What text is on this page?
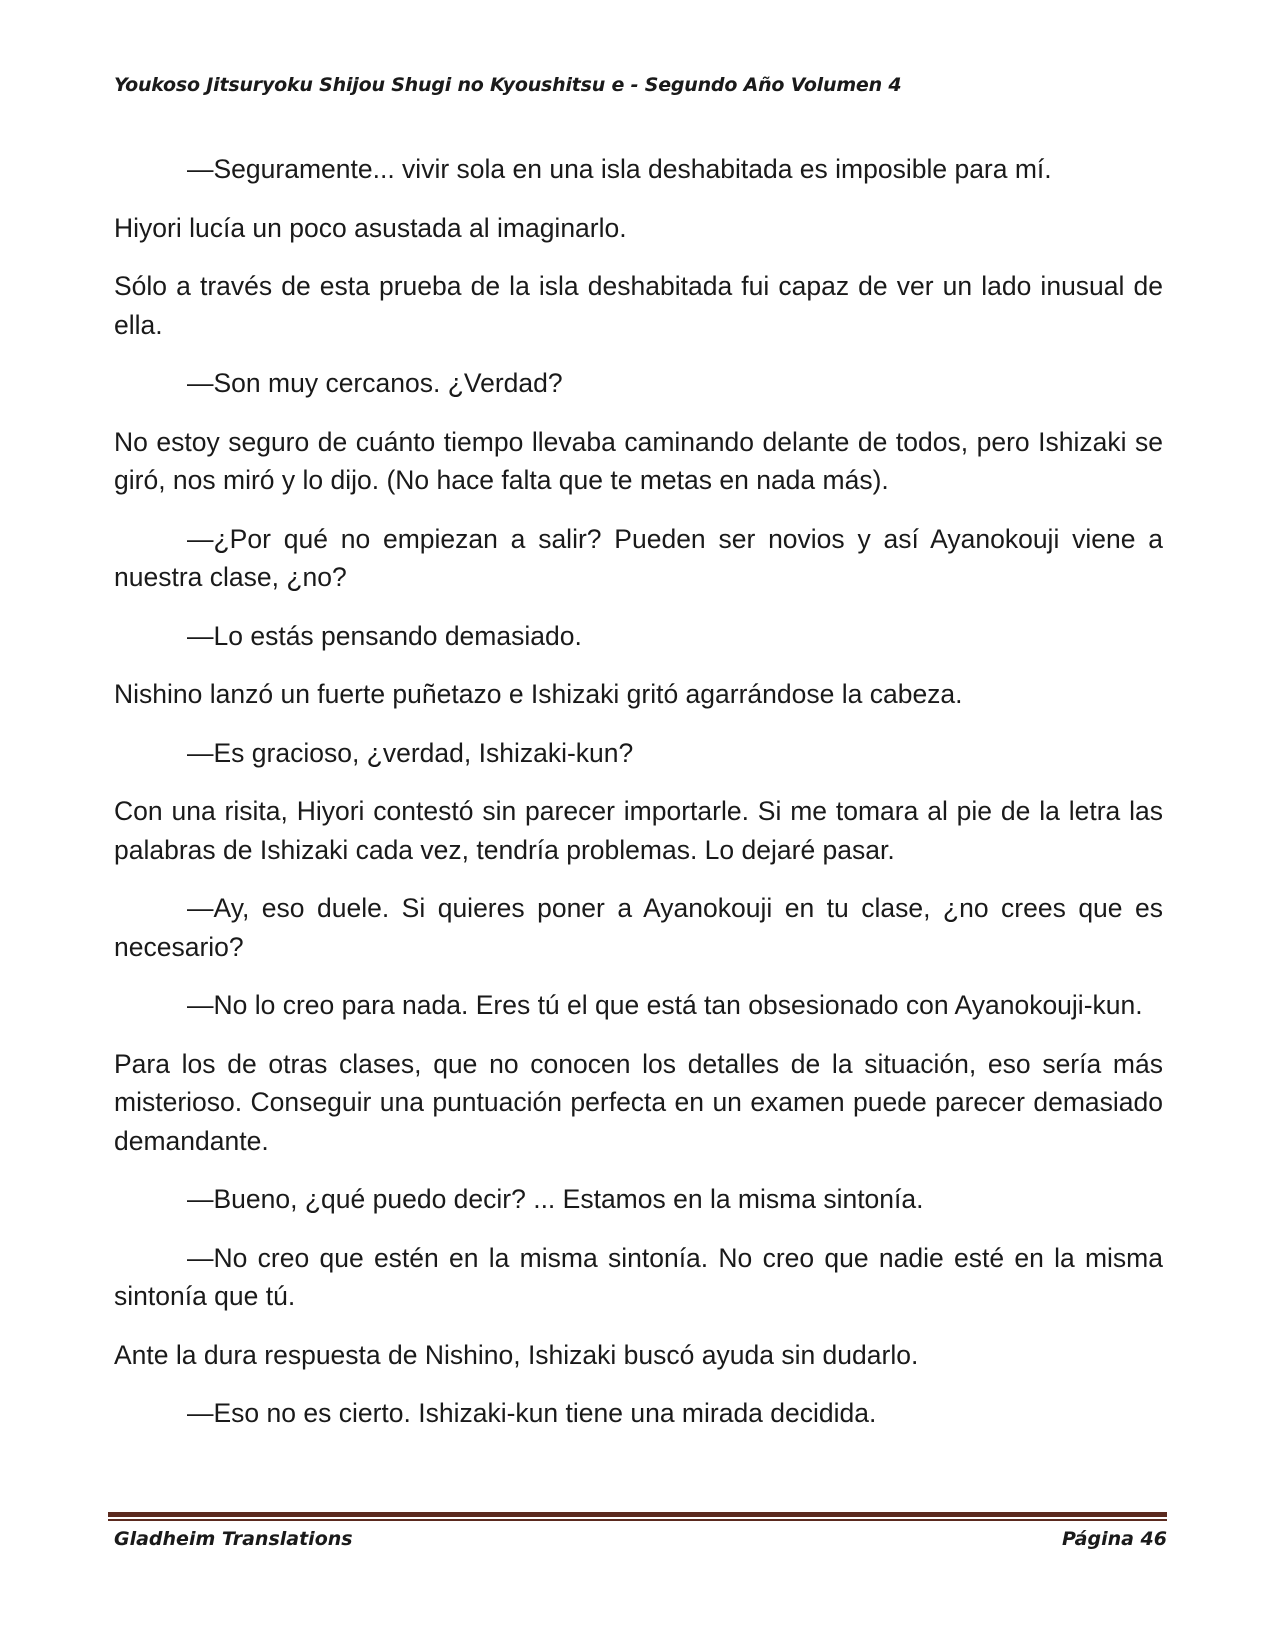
Youkoso Jitsuryoku Shijou Shugi no Kyoushitsu e - Segundo Año Volumen 4

—Seguramente... vivir sola en una isla deshabitada es imposible para mí.

Hiyori lucía un poco asustada al imaginarlo.

Sólo a través de esta prueba de la isla deshabitada fui capaz de ver un lado inusual de ella.

—Son muy cercanos. ¿Verdad?

No estoy seguro de cuánto tiempo llevaba caminando delante de todos, pero Ishizaki se giró, nos miró y lo dijo. (No hace falta que te metas en nada más).

—¿Por qué no empiezan a salir? Pueden ser novios y así Ayanokouji viene a nuestra clase, ¿no?

—Lo estás pensando demasiado.

Nishino lanzó un fuerte puñetazo e Ishizaki gritó agarrándose la cabeza.

—Es gracioso, ¿verdad, Ishizaki-kun?

Con una risita, Hiyori contestó sin parecer importarle. Si me tomara al pie de la letra las palabras de Ishizaki cada vez, tendría problemas. Lo dejaré pasar.

—Ay, eso duele. Si quieres poner a Ayanokouji en tu clase, ¿no crees que es necesario?

—No lo creo para nada. Eres tú el que está tan obsesionado con Ayanokouji-kun.

Para los de otras clases, que no conocen los detalles de la situación, eso sería más misterioso. Conseguir una puntuación perfecta en un examen puede parecer demasiado demandante.

—Bueno, ¿qué puedo decir? ... Estamos en la misma sintonía.

—No creo que estén en la misma sintonía. No creo que nadie esté en la misma sintonía que tú.

Ante la dura respuesta de Nishino, Ishizaki buscó ayuda sin dudarlo.

—Eso no es cierto. Ishizaki-kun tiene una mirada decidida.

Gladheim Translations	Página 46
